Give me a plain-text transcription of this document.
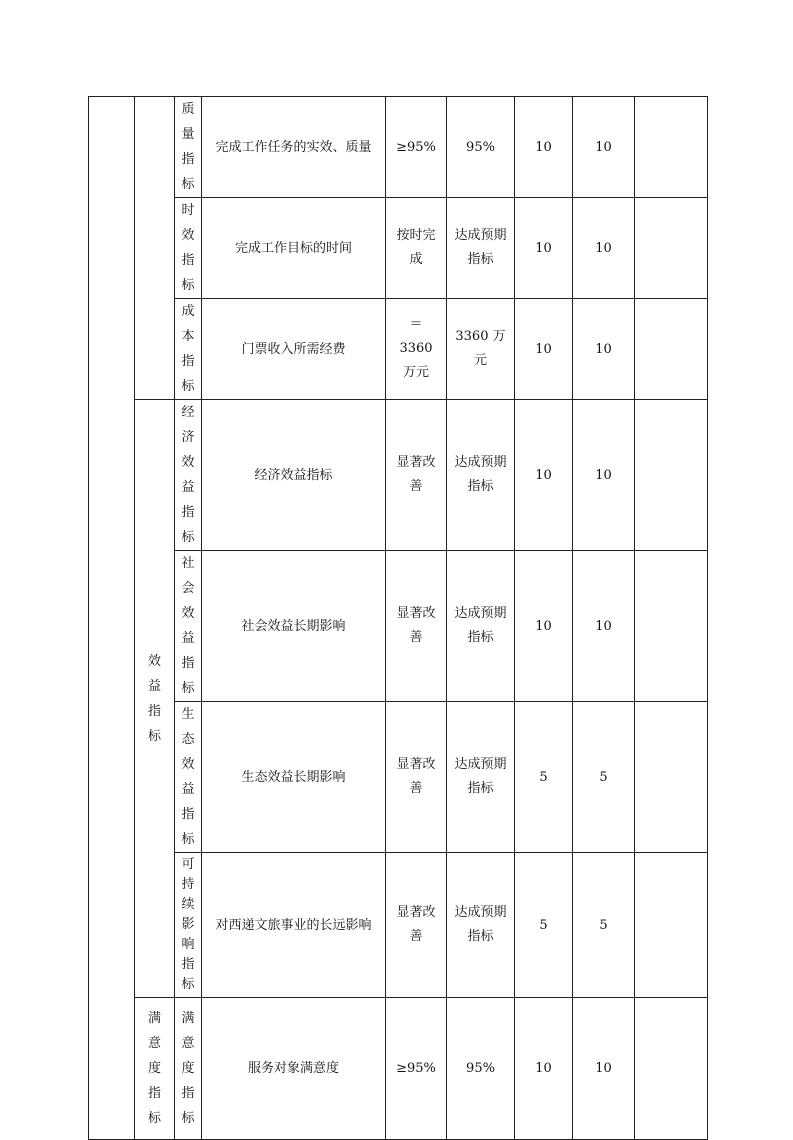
		质量指标	完成工作任务的实效、质量	≥95%	95%	10	10	
		时效指标	完成工作目标的时间	按时完成	达成预期指标	10	10	
		成本指标	门票收入所需经费	＝3360万元	3360 万元	10	10	
	效益指标	经济效益指标	经济效益指标	显著改善	达成预期指标	10	10	
		社会效益指标	社会效益长期影响	显著改善	达成预期指标	10	10	
		生态效益指标	生态效益长期影响	显著改善	达成预期指标	5	5	
		可持续影响指标	对西递文旅事业的长远影响	显著改善	达成预期指标	5	5	
	满意度指标	满意度指标	服务对象满意度	≥95%	95%	10	10	
